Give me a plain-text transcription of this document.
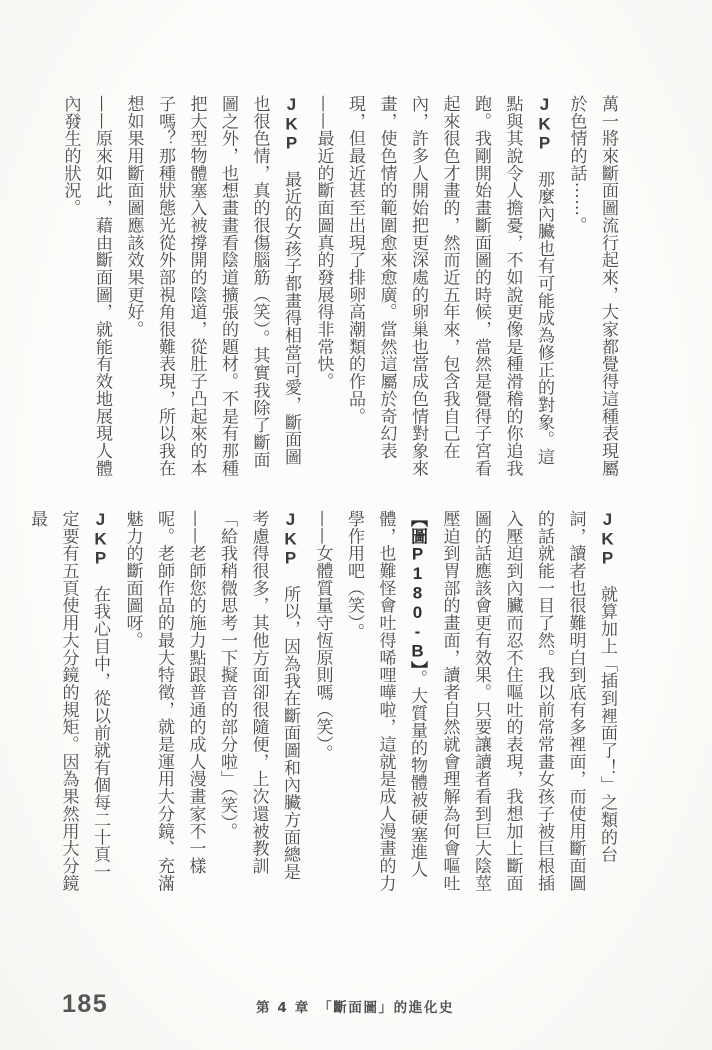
萬一將來斷面圖流行起來，大家都覺得這種表現屬於色情的話⋯⋯。

JKP　那麼內臟也有可能成為修正的對象。這點與其說令人擔憂，不如說更像是種滑稽的你追我跑。我剛開始畫斷面圖的時候，當然是覺得子宮看起來很色才畫的，然而近五年來，包含我自己在內，許多人開始把更深處的卵巢也當成色情對象來畫，使色情的範圍愈來愈廣。當然這屬於奇幻表現，但最近甚至出現了排卵高潮類的作品。

——最近的斷面圖真的發展得非常快。

JKP　最近的女孩子都畫得相當可愛，斷面圖也很色情，真的很傷腦筋（笑）。其實我除了斷面圖之外，也想畫畫看陰道擴張的題材。不是有那種把大型物體塞入被撐開的陰道，從肚子凸起來的本子嗎？那種狀態光從外部視角很難表現，所以我在想如果用斷面圖應該效果更好。

——原來如此，藉由斷面圖，就能有效地展現人體內發生的狀況。

JKP　就算加上「插到裡面了！」之類的台詞，讀者也很難明白到底有多裡面，而使用斷面圖的話就能一目了然。我以前常常畫女孩子被巨根插入壓迫到內臟而忍不住嘔吐的表現，我想加上斷面圖的話應該會更有效果。只要讓讀者看到巨大陰莖壓迫到胃部的畫面，讀者自然就會理解為何會嘔吐【圖P180-B】。大質量的物體被硬塞進人體，也難怪會吐得唏哩嘩啦，這就是成人漫畫的力學作用吧（笑）。

——女體質量守恆原則嗎（笑）。

JKP　所以，因為我在斷面圖和內臟方面總是考慮得很多，其他方面卻很隨便，上次還被教訓「給我稍微思考一下擬音的部分啦」（笑）。

——老師您的施力點跟普通的成人漫畫家不一樣呢。老師作品的最大特徵，就是運用大分鏡、充滿魅力的斷面圖呀。

JKP　在我心目中，從以前就有個每二十頁一定要有五頁使用大分鏡的規矩。因為果然用大分鏡最

185	第 4 章　「斷面圖」的進化史
